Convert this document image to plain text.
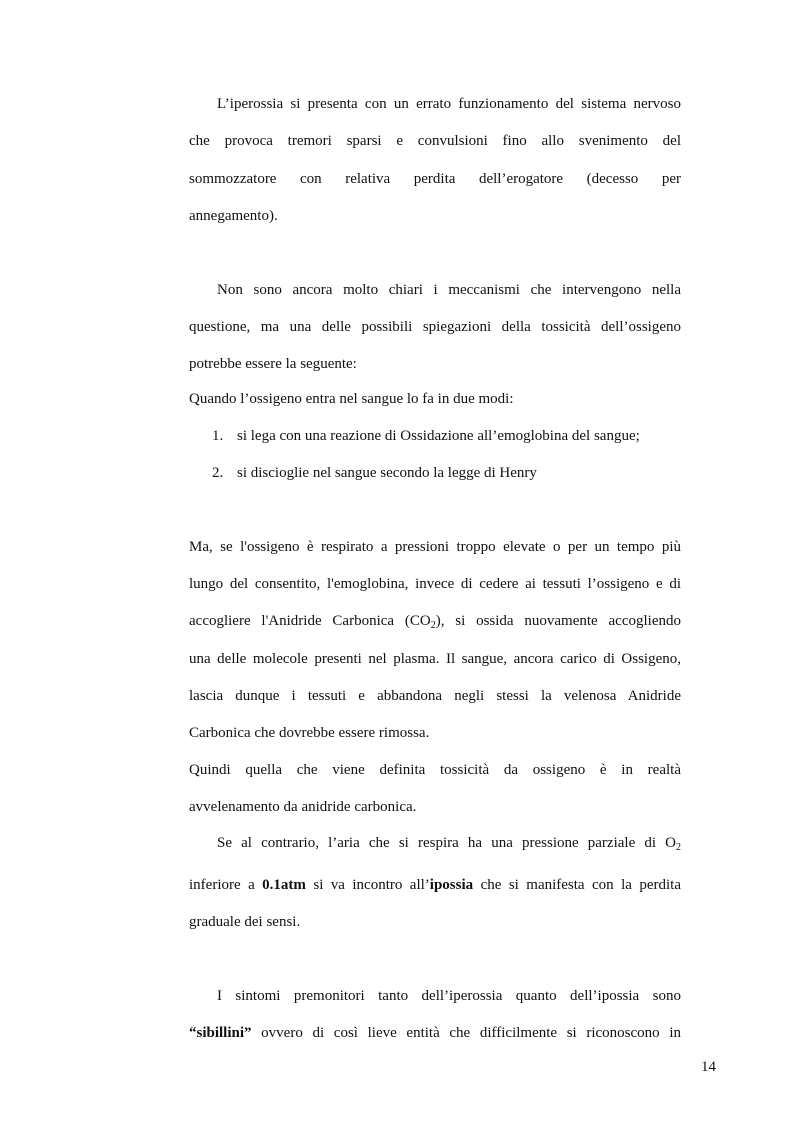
L’iperossia si presenta con un errato funzionamento del sistema nervoso
che provoca tremori sparsi e convulsioni fino allo svenimento del
sommozzatore con relativa perdita dell’erogatore (decesso per
annegamento).
Non sono ancora molto chiari i meccanismi che intervengono nella
questione, ma una delle possibili spiegazioni della tossicità dell’ossigeno
potrebbe essere la seguente:
Quando l’ossigeno entra nel sangue lo fa in due modi:
1. si lega con una reazione di Ossidazione all’emoglobina del sangue;
2. si discioglie nel sangue secondo la legge di Henry
Ma, se l'ossigeno è respirato a pressioni troppo elevate o per un tempo più
lungo del consentito, l'emoglobina, invece di cedere ai tessuti l’ossigeno e di
accogliere l'Anidride Carbonica $(CO_2)$, si ossida nuovamente accogliendo
una delle molecole presenti nel plasma. Il sangue, ancora carico di Ossigeno,
lascia dunque i tessuti e abbandona negli stessi la velenosa Anidride
Carbonica che dovrebbe essere rimossa.
Quindi quella che viene definita tossicità da ossigeno è in realtà
avvelenamento da anidride carbonica.
Se al contrario, l’aria che si respira ha una pressione parziale di $O_2$
inferiore a 0.1atm si va incontro all’ipossia che si manifesta con la perdita
graduale dei sensi.
I sintomi premonitori tanto dell’iperossia quanto dell’ipossia sono
“sibillini” ovvero di così lieve entità che difficilmente si riconoscono in
14
